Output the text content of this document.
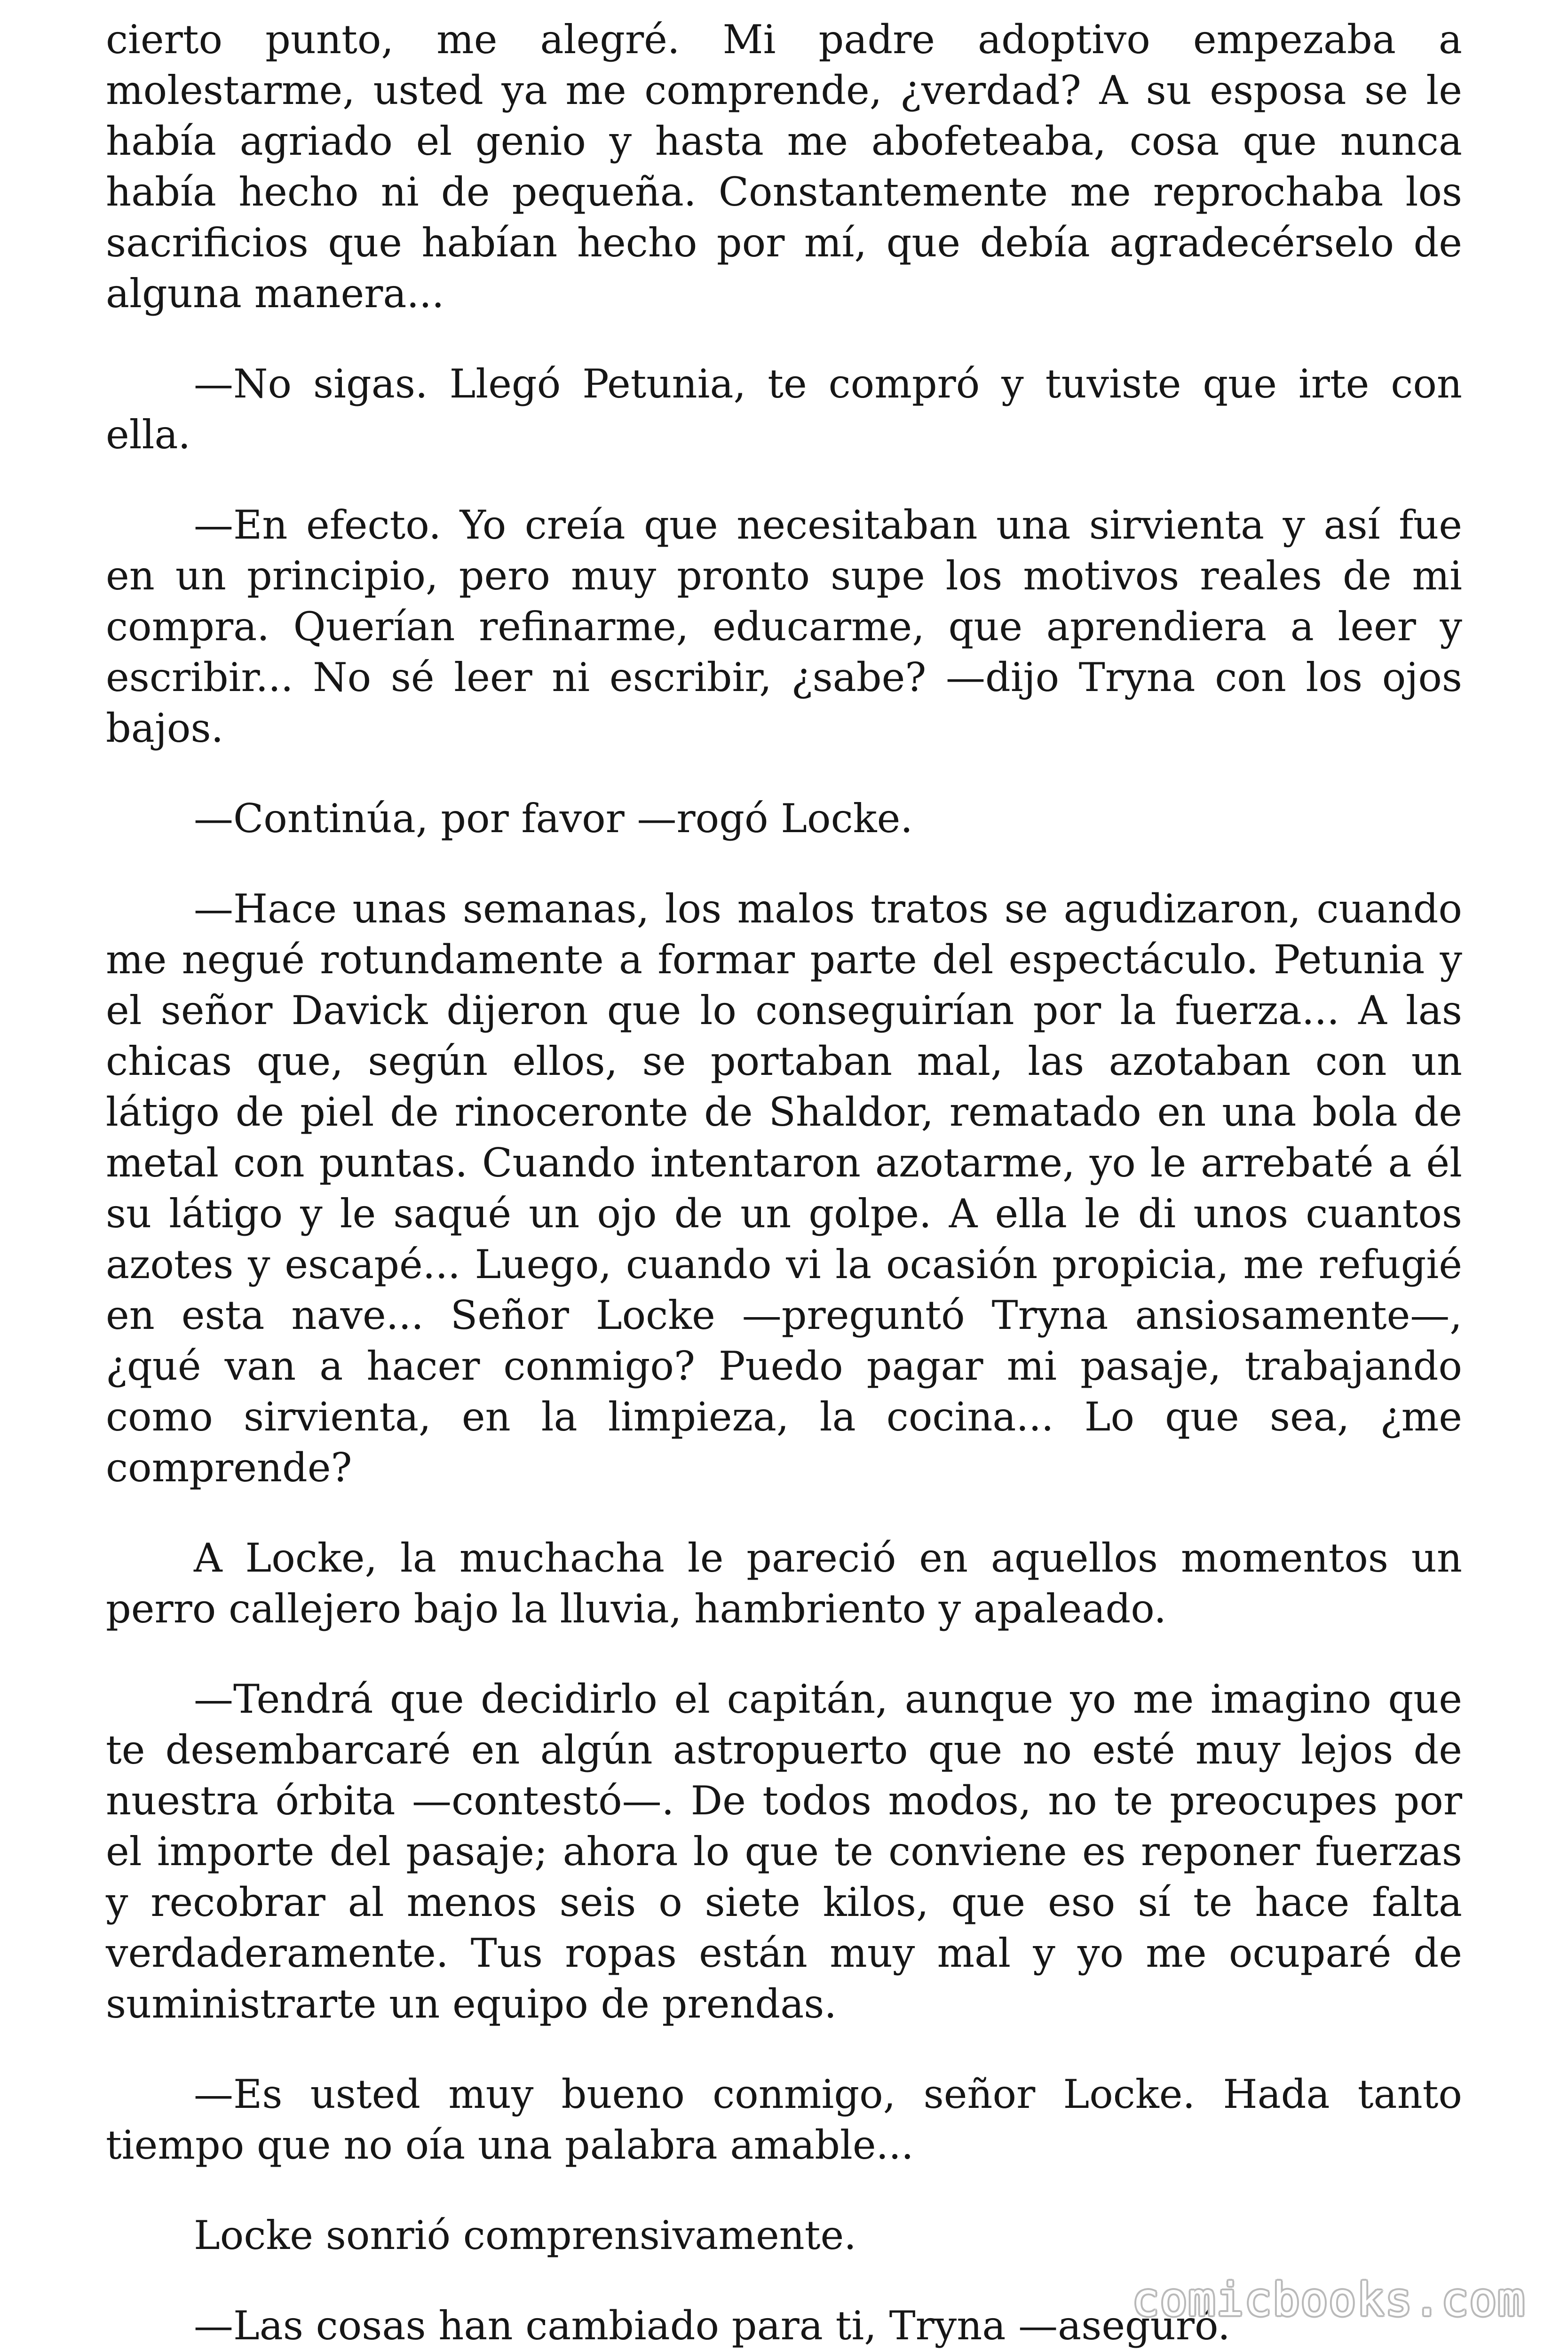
cierto punto, me alegré. Mi padre adoptivo empezaba a molestarme, usted ya me comprende, ¿verdad? A su esposa se le había agriado el genio y hasta me abofeteaba, cosa que nunca había hecho ni de pequeña. Constantemente me reprochaba los sacrificios que habían hecho por mí, que debía agradecérselo de alguna manera...

—No sigas. Llegó Petunia, te compró y tuviste que irte con ella.

—En efecto. Yo creía que necesitaban una sirvienta y así fue en un principio, pero muy pronto supe los motivos reales de mi compra. Querían refinarme, educarme, que aprendiera a leer y escribir... No sé leer ni escribir, ¿sabe? —dijo Tryna con los ojos bajos.

—Continúa, por favor —rogó Locke.

—Hace unas semanas, los malos tratos se agudizaron, cuando me negué rotundamente a formar parte del espectáculo. Petunia y el señor Davick dijeron que lo conseguirían por la fuerza... A las chicas que, según ellos, se portaban mal, las azotaban con un látigo de piel de rinoceronte de Shaldor, rematado en una bola de metal con puntas. Cuando intentaron azotarme, yo le arrebaté a él su látigo y le saqué un ojo de un golpe. A ella le di unos cuantos azotes y escapé... Luego, cuando vi la ocasión propicia, me refugié en esta nave... Señor Locke —preguntó Tryna ansiosamente—, ¿qué van a hacer conmigo? Puedo pagar mi pasaje, trabajando como sirvienta, en la limpieza, la cocina... Lo que sea, ¿me comprende?

A Locke, la muchacha le pareció en aquellos momentos un perro callejero bajo la lluvia, hambriento y apaleado.

—Tendrá que decidirlo el capitán, aunque yo me imagino que te desembarcaré en algún astropuerto que no esté muy lejos de nuestra órbita —contestó—. De todos modos, no te preocupes por el importe del pasaje; ahora lo que te conviene es reponer fuerzas y recobrar al menos seis o siete kilos, que eso sí te hace falta verdaderamente. Tus ropas están muy mal y yo me ocuparé de suministrarte un equipo de prendas.

—Es usted muy bueno conmigo, señor Locke. Hada tanto tiempo que no oía una palabra amable...

Locke sonrió comprensivamente.

—Las cosas han cambiado para ti, Tryna —aseguró.

comicbooks.com
